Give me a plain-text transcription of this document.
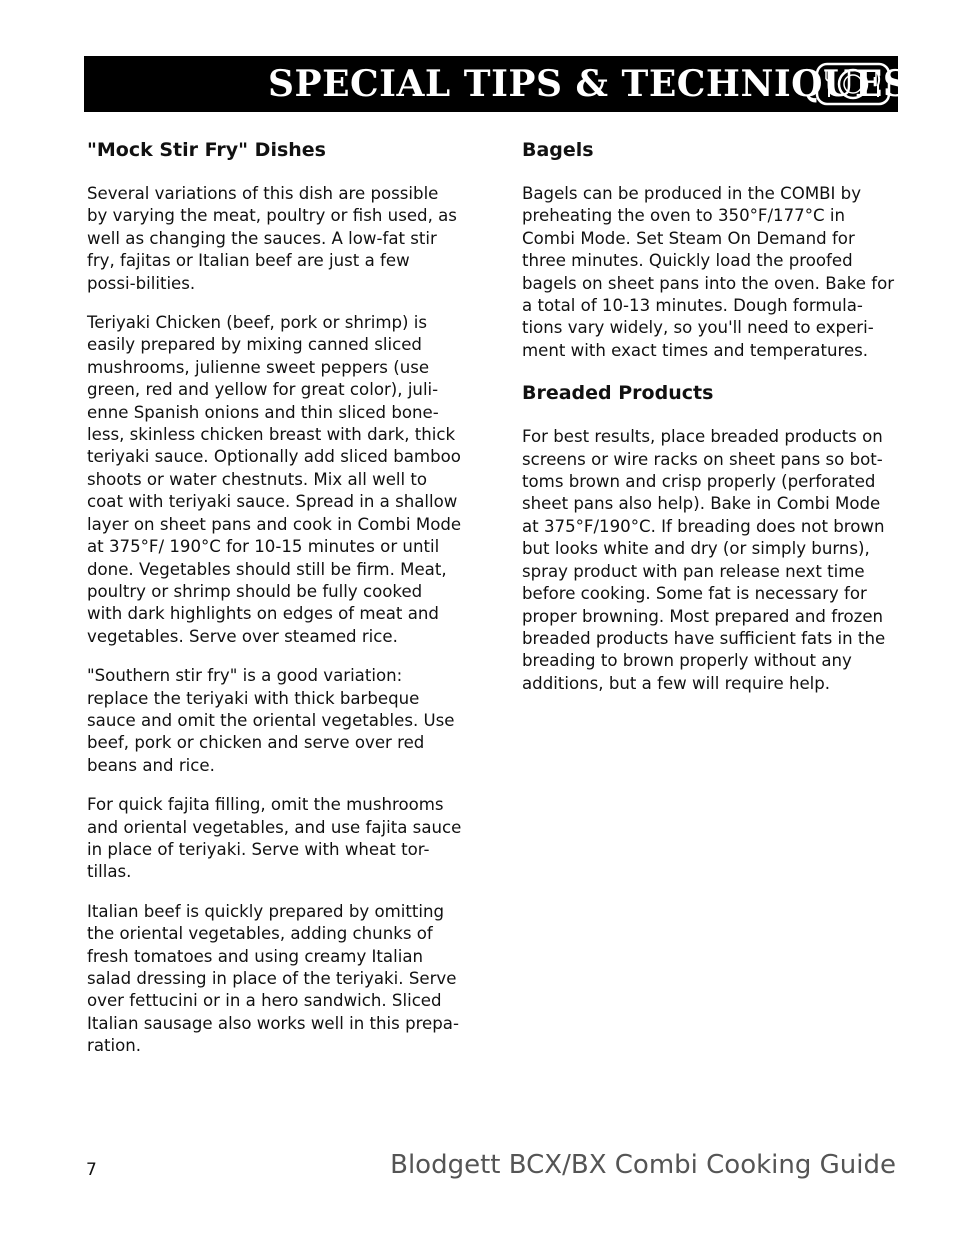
SPECIAL TIPS & TECHNIQUES
"Mock Stir Fry" Dishes

Several variations of this dish are possible by varying the meat, poultry or fish used, as well as changing the sauces. A low-fat stir fry, fajitas or Italian beef are just a few possi-bilities.

Teriyaki Chicken (beef, pork or shrimp) is easily prepared by mixing canned sliced mushrooms, julienne sweet peppers (use green, red and yellow for great color), juli-enne Spanish onions and thin sliced bone-less, skinless chicken breast with dark, thick teriyaki sauce. Optionally add sliced bamboo shoots or water chestnuts. Mix all well to coat with teriyaki sauce. Spread in a shallow layer on sheet pans and cook in Combi Mode at 375°F/ 190°C for 10-15 minutes or until done. Vegetables should still be firm. Meat, poultry or shrimp should be fully cooked with dark highlights on edges of meat and vegetables. Serve over steamed rice.

"Southern stir fry" is a good variation: replace the teriyaki with thick barbeque sauce and omit the oriental vegetables. Use beef, pork or chicken and serve over red beans and rice.

For quick fajita filling, omit the mushrooms and oriental vegetables, and use fajita sauce in place of teriyaki. Serve with wheat tor-tillas.

Italian beef is quickly prepared by omitting the oriental vegetables, adding chunks of fresh tomatoes and using creamy Italian salad dressing in place of the teriyaki. Serve over fettucini or in a hero sandwich. Sliced Italian sausage also works well in this prepa-ration.

Bagels

Bagels can be produced in the COMBI by preheating the oven to 350°F/177°C in Combi Mode. Set Steam On Demand for three minutes. Quickly load the proofed bagels on sheet pans into the oven. Bake for a total of 10-13 minutes. Dough formula-tions vary widely, so you'll need to experi-ment with exact times and temperatures.

Breaded Products

For best results, place breaded products on screens or wire racks on sheet pans so bot-toms brown and crisp properly (perforated sheet pans also help). Bake in Combi Mode at 375°F/190°C. If breading does not brown but looks white and dry (or simply burns), spray product with pan release next time before cooking. Some fat is necessary for proper browning. Most prepared and frozen breaded products have sufficient fats in the breading to brown properly without any additions, but a few will require help.

7	Blodgett BCX/BX Combi Cooking Guide
